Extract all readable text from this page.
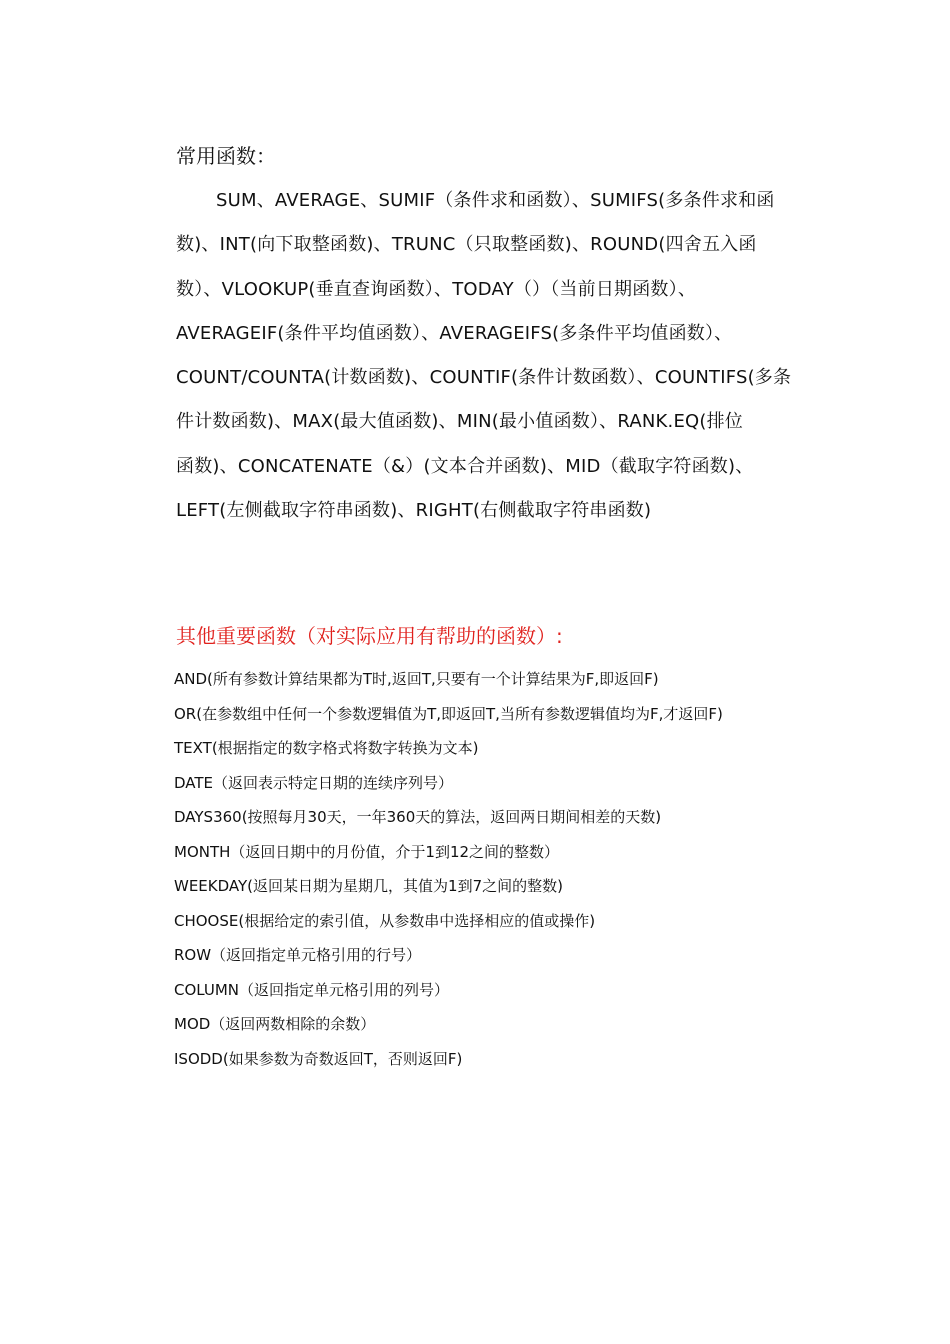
常用函数：
SUM、AVERAGE、SUMIF（条件求和函数）、SUMIFS(多条件求和函
数)、INT(向下取整函数)、TRUNC（只取整函数)、ROUND(四舍五入函
数）、VLOOKUP(垂直查询函数）、TODAY（）（当前日期函数）、
AVERAGEIF(条件平均值函数）、AVERAGEIFS(多条件平均值函数）、
COUNT/COUNTA(计数函数)、COUNTIF(条件计数函数）、COUNTIFS(多条
件计数函数)、MAX(最大值函数)、MIN(最小值函数）、RANK.EQ(排位
函数)、CONCATENATE（&）(文本合并函数)、MID（截取字符函数)、
LEFT(左侧截取字符串函数)、RIGHT(右侧截取字符串函数)
其他重要函数（对实际应用有帮助的函数）:
AND(所有参数计算结果都为T时,返回T,只要有一个计算结果为F,即返回F)
OR(在参数组中任何一个参数逻辑值为T,即返回T,当所有参数逻辑值均为F,才返回F)
TEXT(根据指定的数字格式将数字转换为文本)
DATE（返回表示特定日期的连续序列号）
DAYS360(按照每月30天，一年360天的算法，返回两日期间相差的天数)
MONTH（返回日期中的月份值，介于1到12之间的整数）
WEEKDAY(返回某日期为星期几，其值为1到7之间的整数)
CHOOSE(根据给定的索引值，从参数串中选择相应的值或操作)
ROW（返回指定单元格引用的行号）
COLUMN（返回指定单元格引用的列号）
MOD（返回两数相除的余数）
ISODD(如果参数为奇数返回T，否则返回F)
